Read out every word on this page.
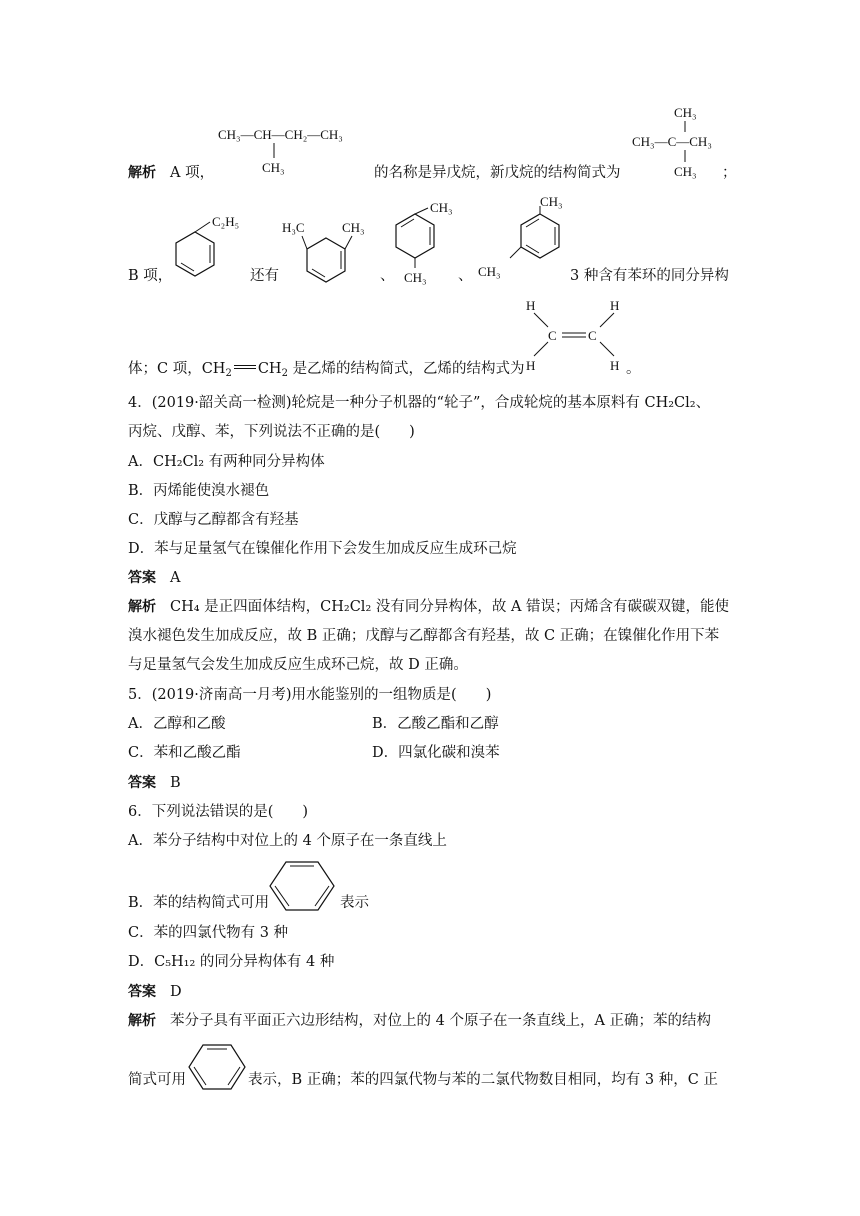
CH₃—CH—CH₂—CH₃
CH₃
CH₃
CH₃—C—CH₃
CH₃
解析 A 项，	的名称是异戊烷，新戊烷的结构简式为	；
C₂H₅	H₃C	CH₃
CH₃
CH₃
CH₃
CH₃
B 项，	还有	、	、	3 种含有苯环的同分异构
H	H
C C
H	H
体；C 项，$CH_2$ $CH_2$ 是乙烯的结构简式，乙烯的结构式为	。
4．(2019·韶关高一检测)轮烷是一种分子机器的“轮子”，合成轮烷的基本原料有 CH₂Cl₂、
丙烷、戊醇、苯，下列说法不正确的是(　　)
A．CH₂Cl₂ 有两种同分异构体
B．丙烯能使溴水褪色
C．戊醇与乙醇都含有羟基
D．苯与足量氢气在镍催化作用下会发生加成反应生成环己烷
答案 A
解析 CH₄ 是正四面体结构，CH₂Cl₂ 没有同分异构体，故 A 错误；丙烯含有碳碳双键，能使
溴水褪色发生加成反应，故 B 正确；戊醇与乙醇都含有羟基，故 C 正确；在镍催化作用下苯
与足量氢气会发生加成反应生成环己烷，故 D 正确。
5．(2019·济南高一月考)用水能鉴别的一组物质是(　　)
A．乙醇和乙酸	B．乙酸乙酯和乙醇
C．苯和乙酸乙酯	D．四氯化碳和溴苯
答案 B
6．下列说法错误的是(　　)
A．苯分子结构中对位上的 4 个原子在一条直线上
B．苯的结构简式可用	表示
C．苯的四氯代物有 3 种
D．C₅H₁₂ 的同分异构体有 4 种
答案 D
解析 苯分子具有平面正六边形结构，对位上的 4 个原子在一条直线上，A 正确；苯的结构
简式可用	表示，B 正确；苯的四氯代物与苯的二氯代物数目相同，均有 3 种，C 正
